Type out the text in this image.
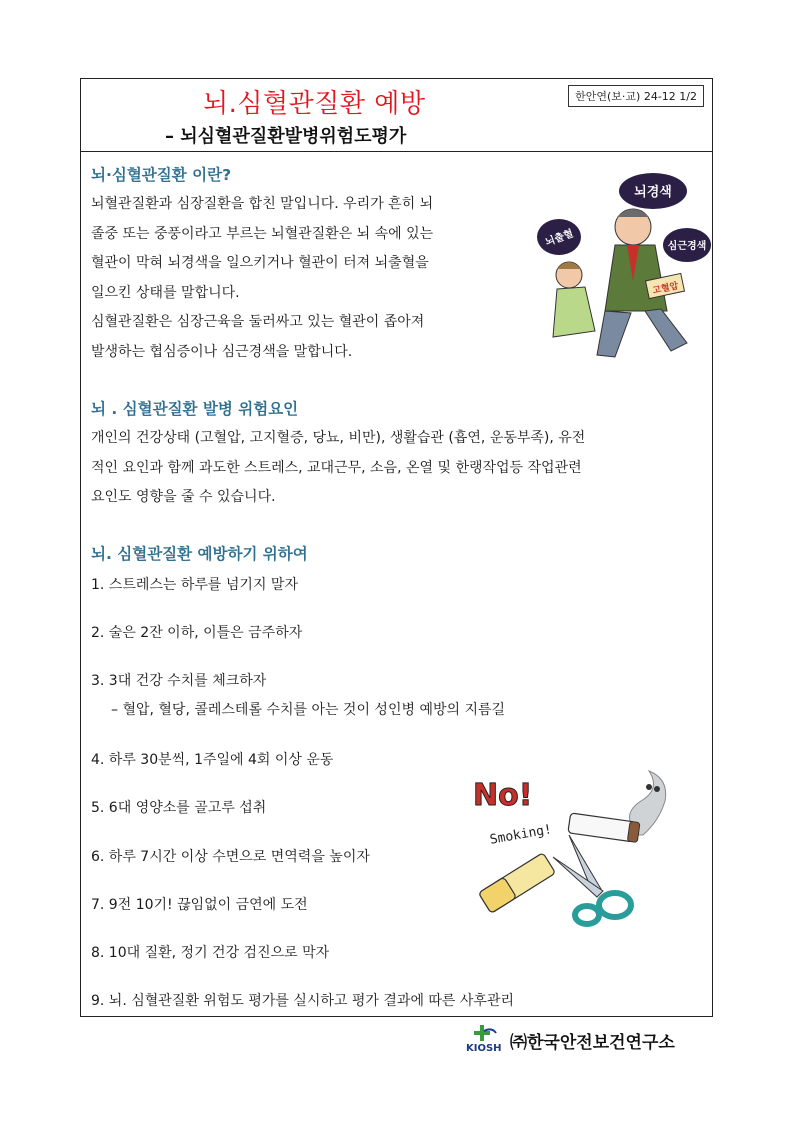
뇌.심혈관질환 예방
– 뇌심혈관질환발병위험도평가
한안연(보·교) 24-12 1/2
뇌·심혈관질환 이란?
뇌혈관질환과 심장질환을 합친 말입니다. 우리가 흔히 뇌
졸중 또는 중풍이라고 부르는 뇌혈관질환은 뇌 속에 있는
혈관이 막혀 뇌경색을 일으키거나 혈관이 터져 뇌출혈을
일으킨 상태를 말합니다.
심혈관질환은 심장근육을 둘러싸고 있는 혈관이 좁아져
발생하는 협심증이나 심근경색을 말합니다.
뇌경색
뇌출혈	심근경색
고혈압
뇌 . 심혈관질환 발병 위험요인
개인의 건강상태 (고혈압, 고지혈증, 당뇨, 비만), 생활습관 (흡연, 운동부족), 유전
적인 요인과 함께 과도한 스트레스, 교대근무, 소음, 온열 및 한랭작업등 작업관련
요인도 영향을 줄 수 있습니다.
뇌. 심혈관질환 예방하기 위하여
1. 스트레스는 하루를 넘기지 말자
2. 술은 2잔 이하, 이틀은 금주하자
3. 3대 건강 수치를 체크하자
– 혈압, 혈당, 콜레스테롤 수치를 아는 것이 성인병 예방의 지름길
4. 하루 30분씩, 1주일에 4회 이상 운동
5. 6대 영양소를 골고루 섭취
6. 하루 7시간 이상 수면으로 면역력을 높이자
7. 9전 10기! 끊임없이 금연에 도전
8. 10대 질환, 정기 건강 검진으로 막자
9. 뇌. 심혈관질환 위험도 평가를 실시하고 평가 결과에 따른 사후관리
No!
Smoking!
KIOSH ㈜한국안전보건연구소
